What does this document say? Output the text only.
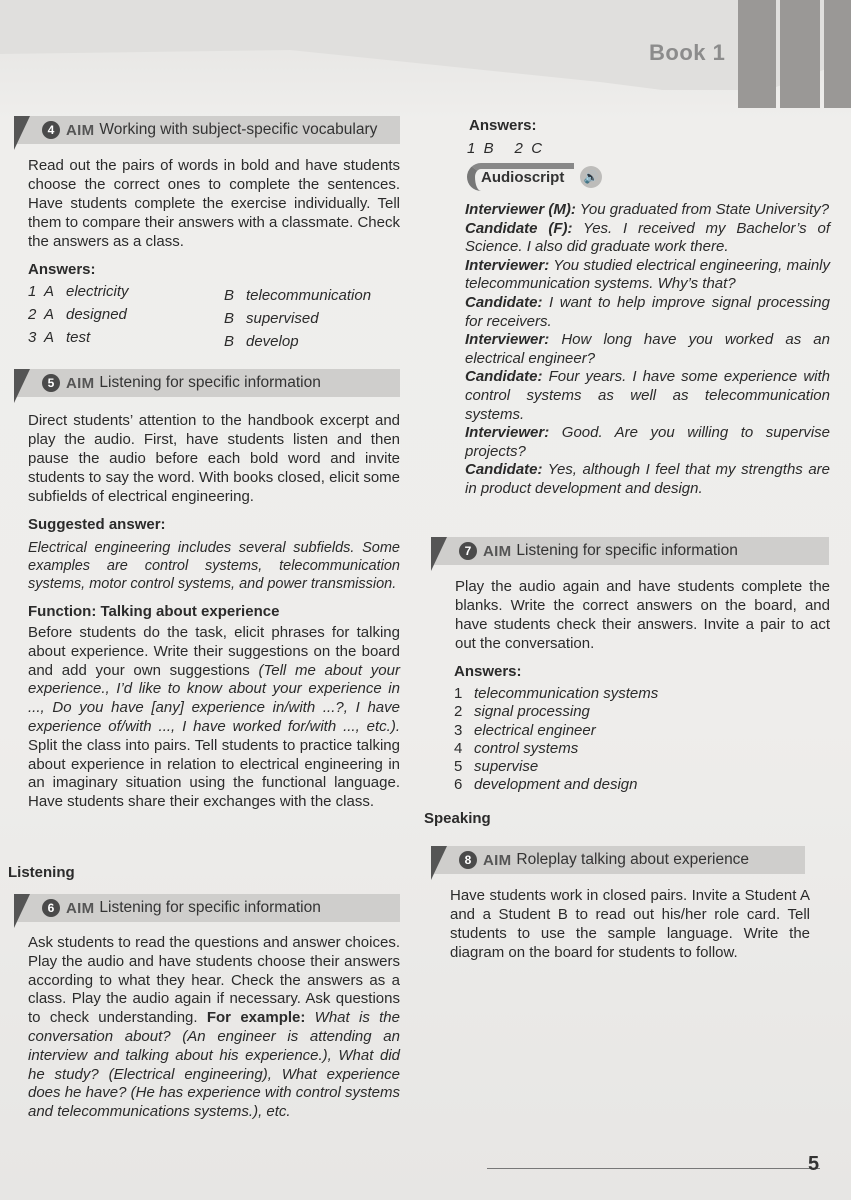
Book 1
4 AIM Working with subject-specific vocabulary

Read out the pairs of words in bold and have students choose the correct ones to complete the sentences. Have students complete the exercise individually. Tell them to compare their answers with a classmate. Check the answers as a class.

Answers:

1 A electricity	B telecommunication
2 A designed	B supervised
3 A test	B develop
5 AIM Listening for specific information

Direct students’ attention to the handbook excerpt and play the audio. First, have students listen and then pause the audio before each bold word and invite students to say the word. With books closed, elicit some subfields of electrical engineering.

Suggested answer:

Electrical engineering includes several subfields. Some examples are control systems, telecommunication systems, motor control systems, and power transmission.

Function: Talking about experience

Before students do the task, elicit phrases for talking about experience. Write their suggestions on the board and add your own suggestions (Tell me about your experience., I’d like to know about your experience in ..., Do you have [any] experience in/with ...?, I have experience of/with ..., I have worked for/with ..., etc.). Split the class into pairs. Tell students to practice talking about experience in relation to electrical engineering in an imaginary situation using the functional language. Have students share their exchanges with the class.

Listening
6 AIM Listening for specific information

Ask students to read the questions and answer choices. Play the audio and have students choose their answers according to what they hear. Check the answers as a class. Play the audio again if necessary. Ask questions to check understanding. For example: What is the conversation about? (An engineer is attending an interview and talking about his experience.), What did he study? (Electrical engineering), What experience does he have? (He has experience with control systems and telecommunications systems.), etc.

Answers:

1  B     2  C

Audioscript 🔊

Interviewer (M): You graduated from State University?

Candidate (F): Yes. I received my Bachelor’s of Science. I also did graduate work there.

Interviewer: You studied electrical engineering, mainly telecommunication systems. Why’s that?

Candidate: I want to help improve signal processing for receivers.

Interviewer: How long have you worked as an electrical engineer?

Candidate: Four years. I have some experience with control systems as well as telecommunication systems.

Interviewer: Good. Are you willing to supervise projects?

Candidate: Yes, although I feel that my strengths are in product development and design.

7 AIM Listening for specific information

Play the audio again and have students complete the blanks. Write the correct answers on the board, and have students check their answers. Invite a pair to act out the conversation.

Answers:

1 telecommunication systems
2 signal processing
3 electrical engineer
4 control systems
5 supervise
6 development and design
Speaking
8 AIM Roleplay talking about experience

Have students work in closed pairs. Invite a Student A and a Student B to read out his/her role card. Tell students to use the sample language. Write the diagram on the board for students to follow.

5
